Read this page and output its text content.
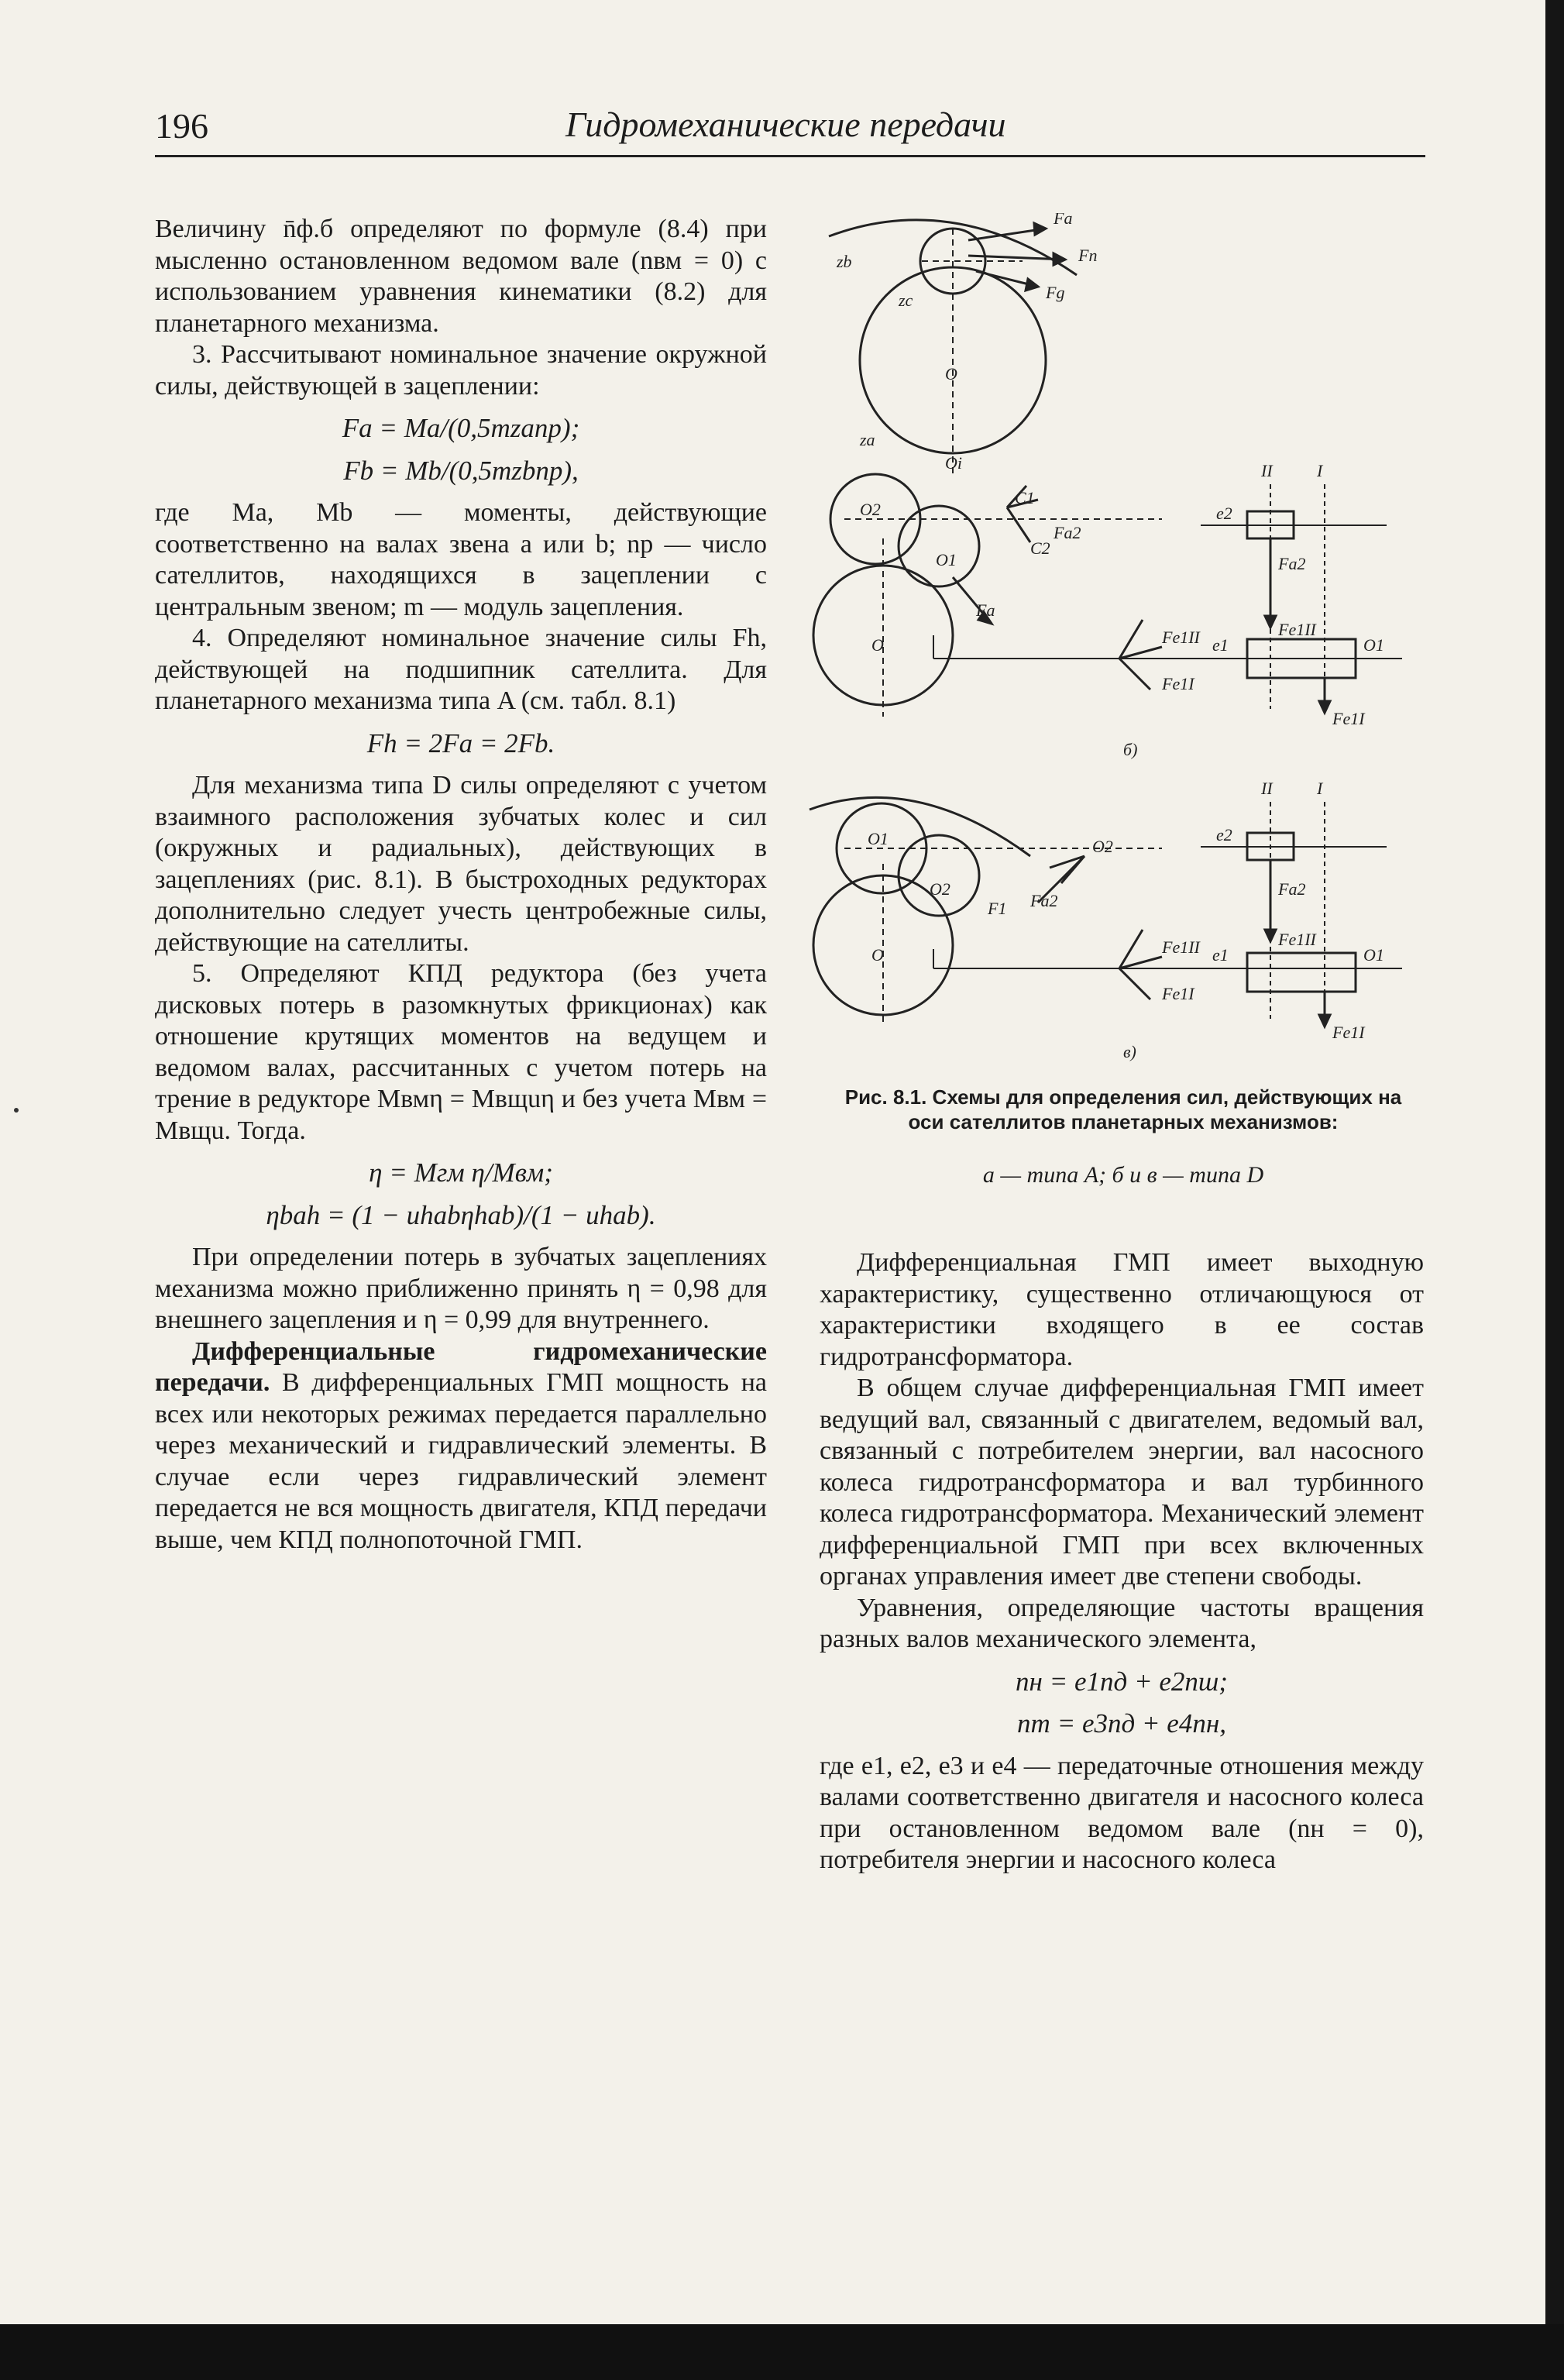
196	Гидромеханические передачи

Величину n̄ф.б определяют по формуле (8.4) при мысленно остановленном ведомом вале (nвм = 0) с использованием уравнения кинематики (8.2) для планетарного механизма.

3. Рассчитывают номинальное значение окружной силы, действующей в зацеплении:

Fa = Ma/(0,5mzanp);
Fb = Mb/(0,5mzbnp),

где Ma, Mb — моменты, действующие соответственно на валах звена a или b; np — число сателлитов, находящихся в зацеплении с центральным звеном; m — модуль зацепления.

4. Определяют номинальное значение силы Fh, действующей на подшипник сателлита. Для планетарного механизма типа A (см. табл. 8.1)

Fh = 2Fa = 2Fb.

Для механизма типа D силы определяют с учетом взаимного расположения зубчатых колес и сил (окружных и радиальных), действующих в зацеплениях (рис. 8.1). В быстроходных редукторах дополнительно следует учесть центробежные силы, действующие на сателлиты.

5. Определяют КПД редуктора (без учета дисковых потерь в разомкнутых фрикционах) как отношение крутящих моментов на ведущем и ведомом валах, рассчитанных с учетом потерь на трение в редукторе Mвмη = Mвщuη и без учета Mвм = Mвщu. Тогда.

η = Mгм η/Mвм;
ηbah = (1 − uhabηhab)/(1 − uhab).

При определении потерь в зубчатых зацеплениях механизма можно приближенно принять η = 0,98 для внешнего зацепления и η = 0,99 для внутреннего.

Дифференциальные гидромеханические передачи. В дифференциальных ГМП мощность на всех или некоторых режимах передается параллельно через механический и гидравлический элементы. В случае если через гидравлический элемент передается не вся мощность двигателя, КПД передачи выше, чем КПД полнопоточной ГМП.

Дифференциальная ГМП имеет выходную характеристику, существенно отличающуюся от характеристики входящего в ее состав гидротрансформатора.

В общем случае дифференциальная ГМП имеет ведущий вал, связанный с двигателем, ведомый вал, связанный с потребителем энергии, вал насосного колеса гидротрансформатора и вал турбинного колеса гидротрансформатора. Механический элемент дифференциальной ГМП при всех включенных органах управления имеет две степени свободы.

Уравнения, определяющие частоты вращения разных валов механического элемента,

nн = e1nд + e2nш;
nт = e3nд + e4nн,

где e1, e2, e3 и e4 — передаточные отношения между валами соответственно двигателя и насосного колеса при остановленном ведомом вале (nн = 0), потребителя энергии и насосного колеса

Fa
Fn
Fg
zb
zc
za
O
Oi
O2
O1
O
Fa
C1
C2
Fa2
Fe1II
Fe1I
e1
e2
O1
II	I
Fa2
Fe1II
Fe1I
б)
O1
O2
O
O2
F1 Fa2
Fe1II
Fe1I
e1
e2
O1
II	I
Fa2
Fe1II
Fe1I
в)
Рис. 8.1. Схемы для определения сил, действующих на оси сателлитов планетарных механизмов:
а — типа A; б и в — типа D
